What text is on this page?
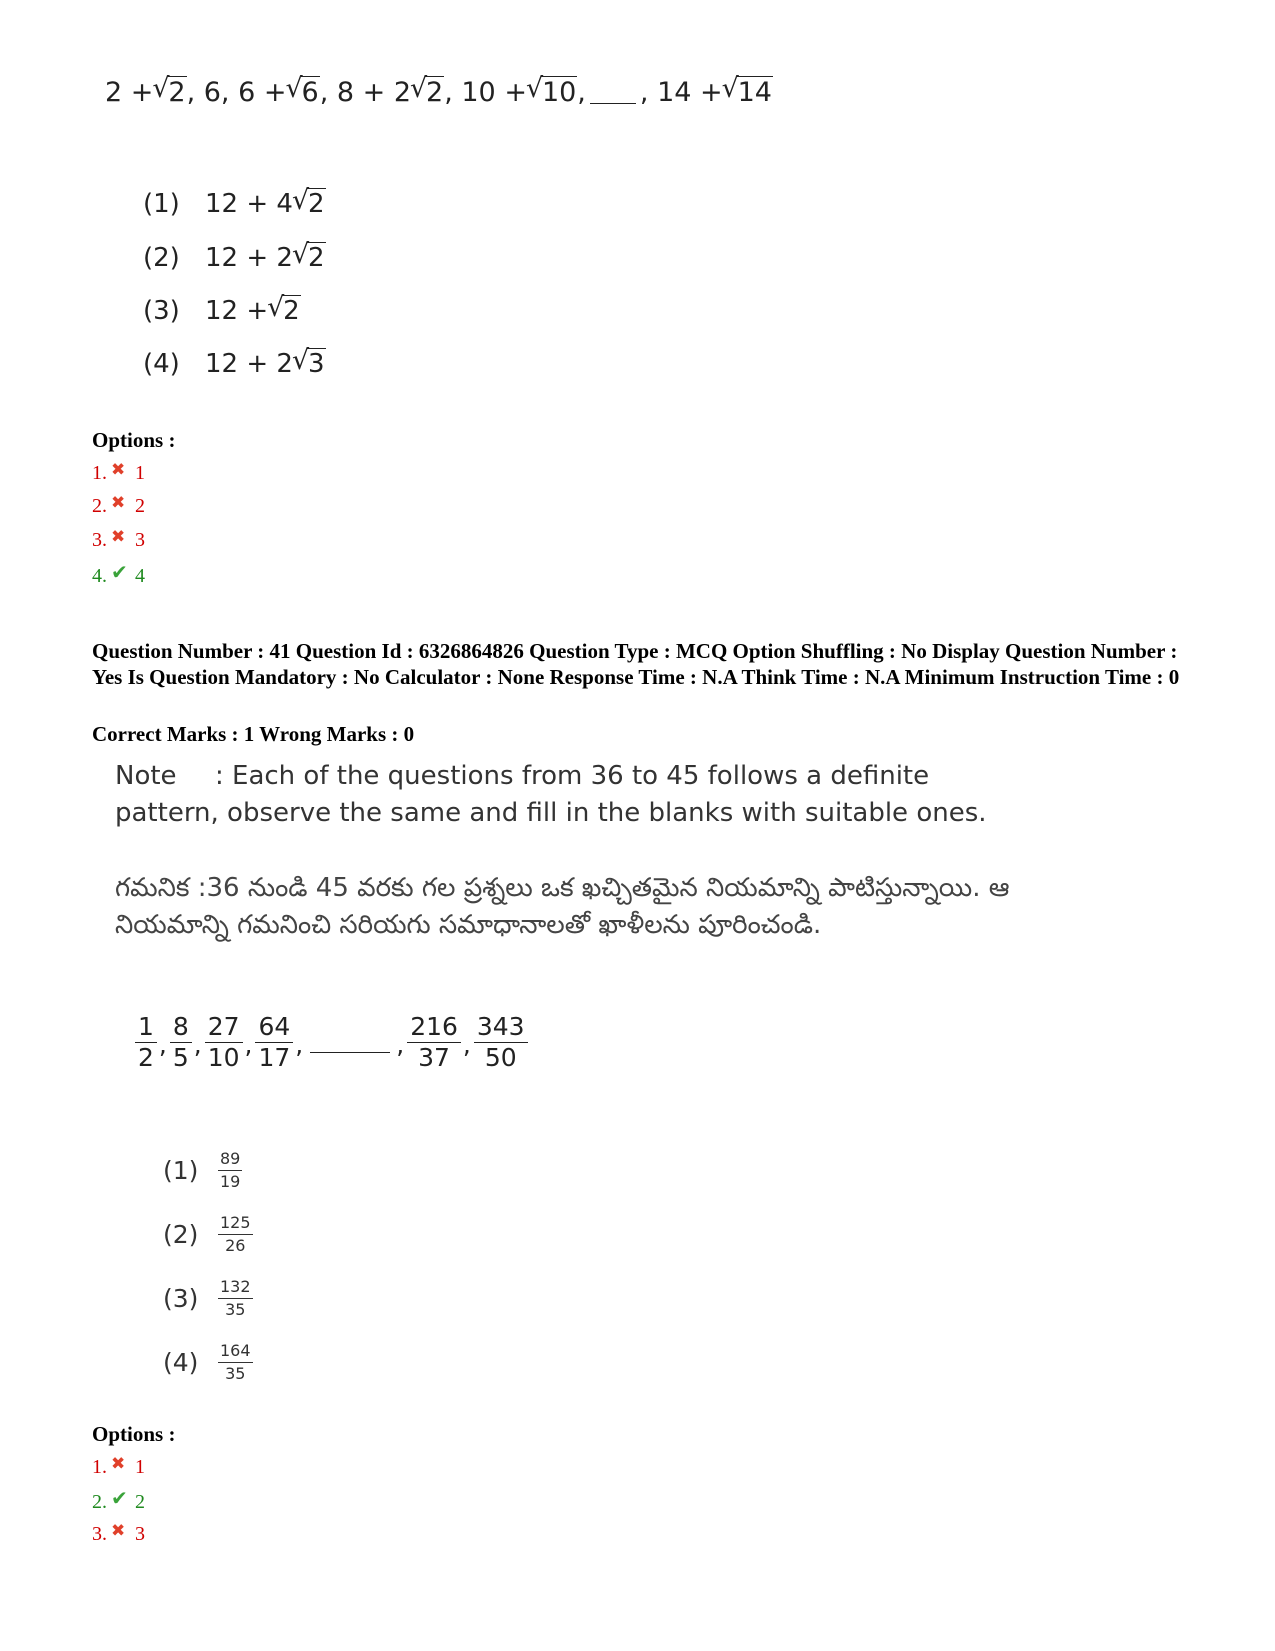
2 + √ 2, 6, 6 + √ 6, 8 + 2 √ 2, 10 + √ 10, , 14 + √ 14
(1) 12 + 4 √ 2
(2) 12 + 2 √ 2
(3) 12 + √ 2
(4) 12 + 2 √ 3
Options :
1. ✖ 1
2. ✖ 2
3. ✖ 3
4. ✔ 4
Question Number : 41 Question Id : 6326864826 Question Type : MCQ Option Shuffling : No Display Question Number : Yes Is Question Mandatory : No Calculator : None Response Time : N.A Think Time : N.A Minimum Instruction Time : 0
Correct Marks : 1 Wrong Marks : 0
Note : Each of the questions from 36 to 45 follows a definite pattern, observe the same and fill in the blanks with suitable ones.
గమనిక :36 నుండి 45 వరకు గల ప్రశ్నలు ఒక ఖచ్చితమైన నియమాన్ని పాటిస్తున్నాయి. ఆ నియమాన్ని గమనించి సరియగు సమాధానాలతో ఖాళీలను పూరించండి.
1
2 ,
8
5 ,
27
10 ,
64
17 ,	,
216
37 ,
343
50
(1)	89
19
(2)	125
26
(3)	132
35
(4)	164
35
Options :
1. ✖ 1
2. ✔ 2
3. ✖ 3
